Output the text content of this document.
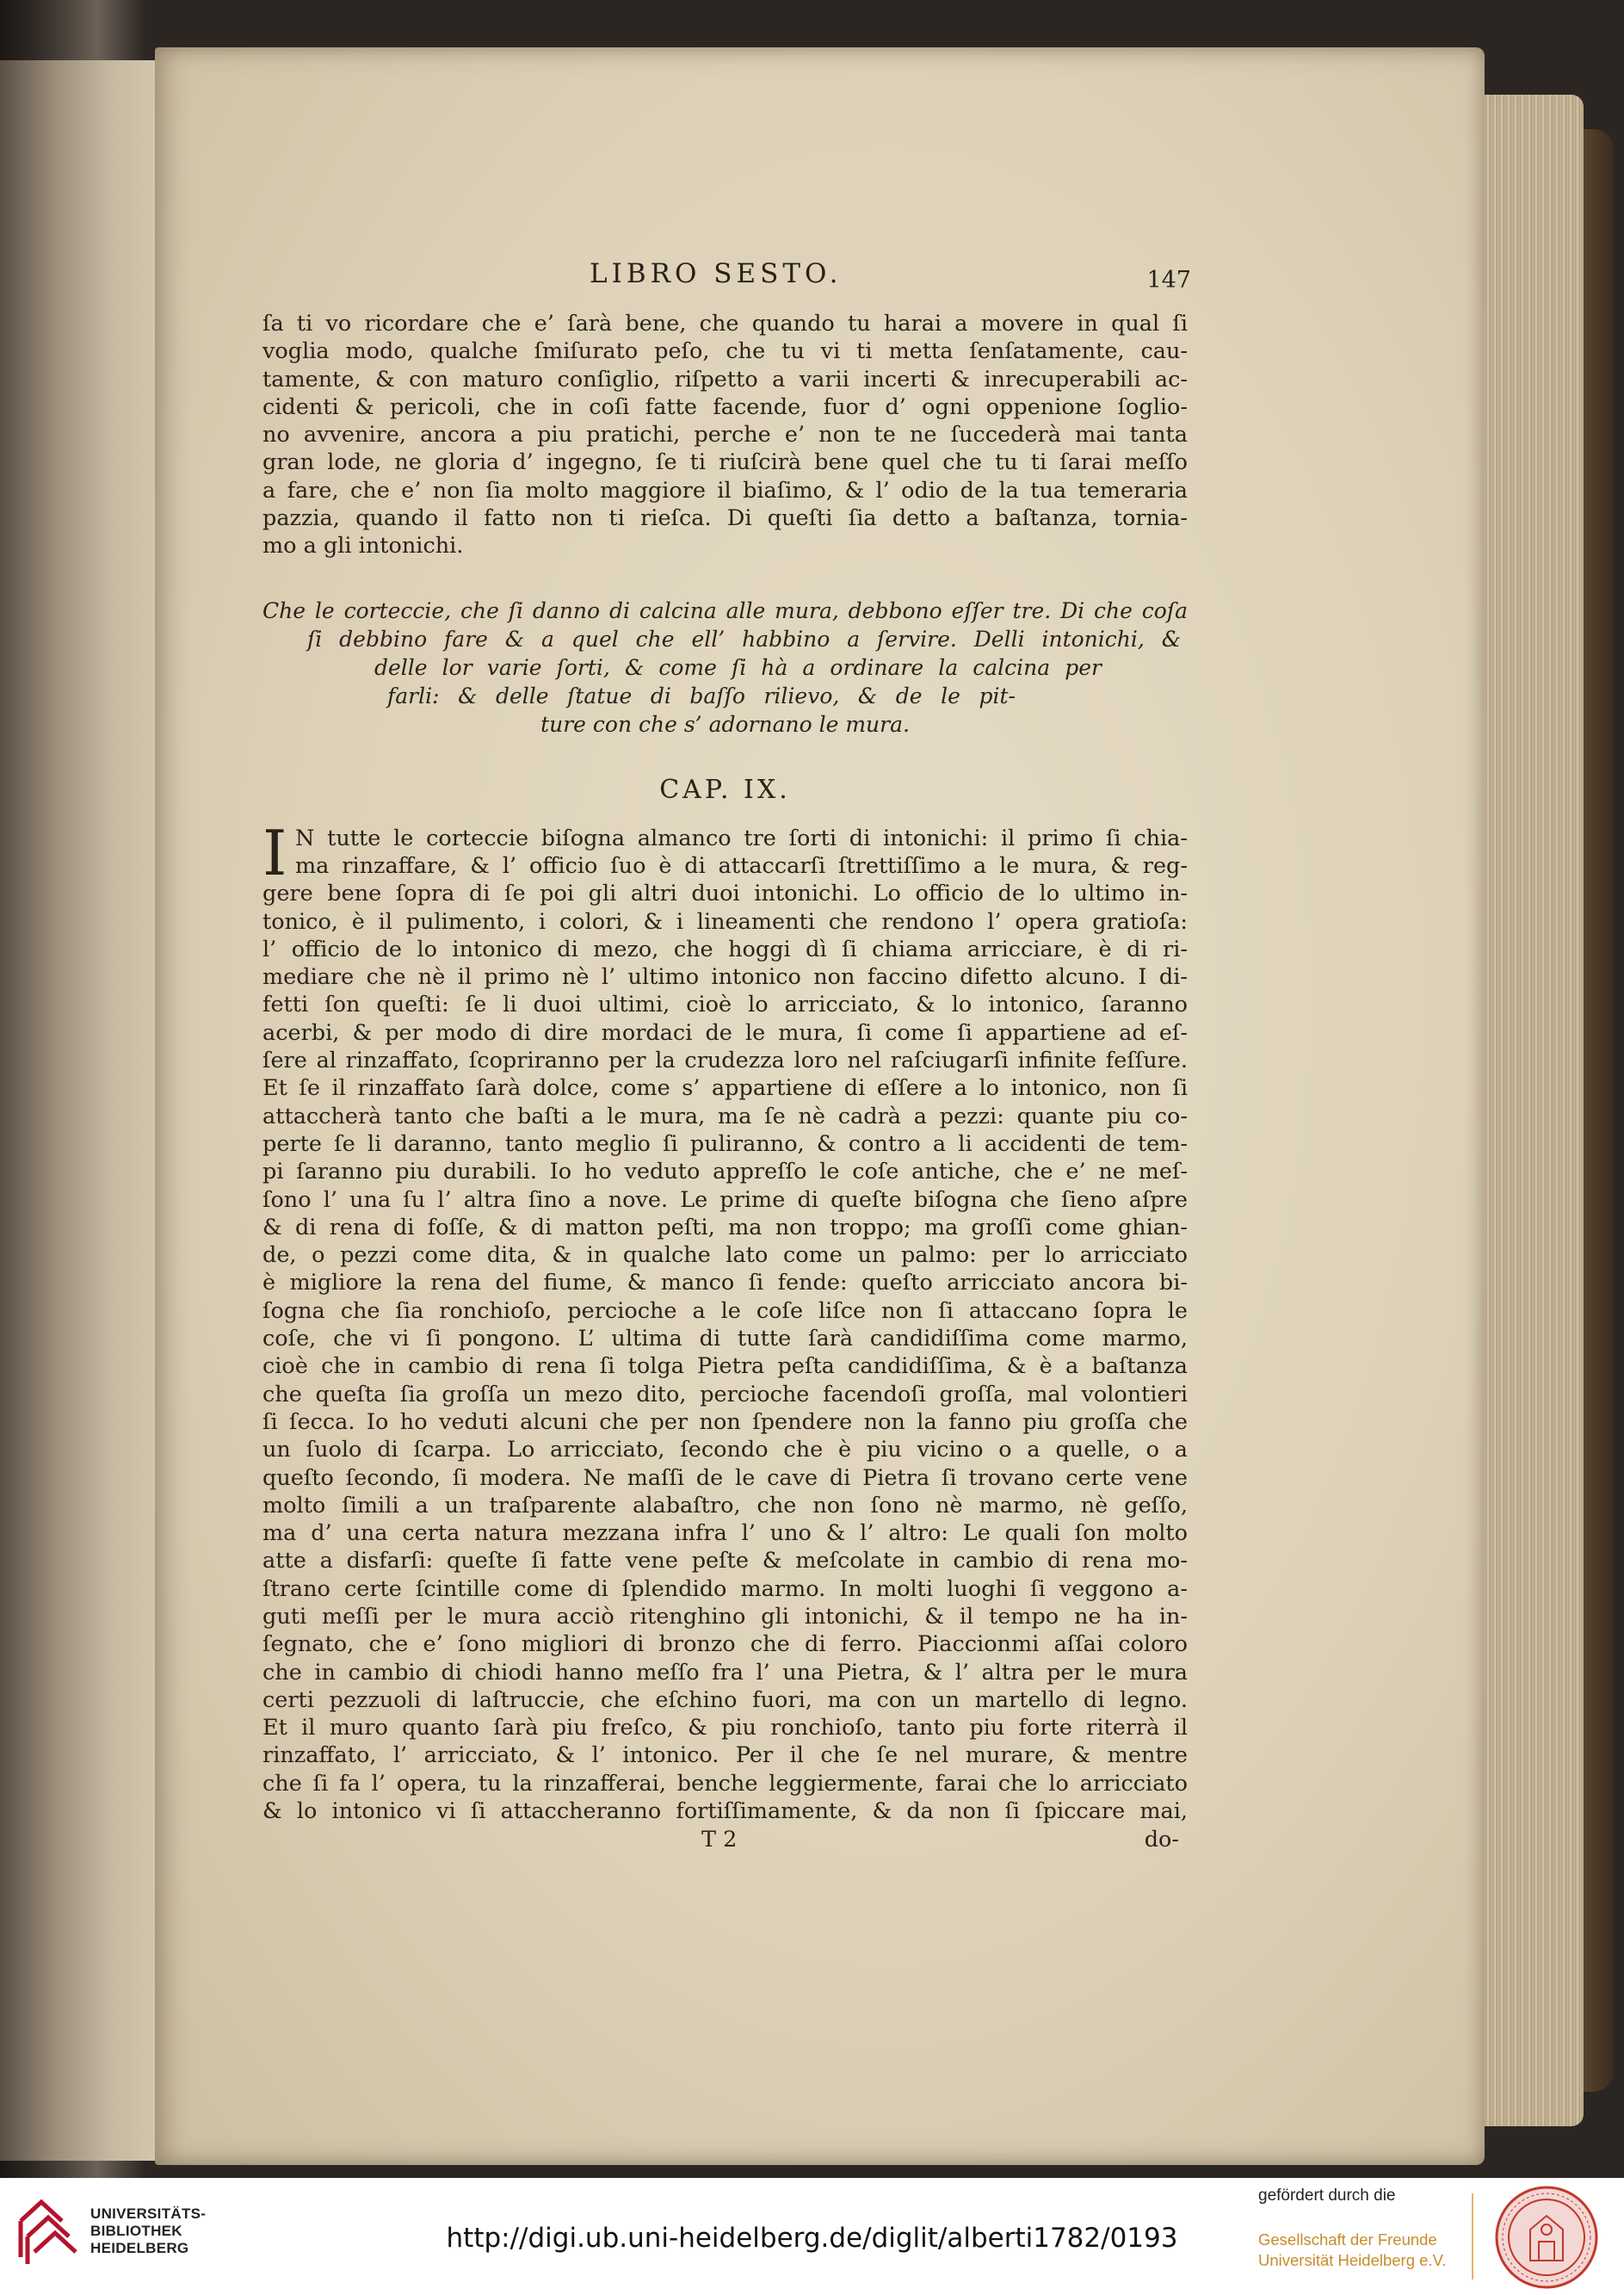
LIBRO SESTO.	147
ſa ti vo ricordare che e’ ſarà bene, che quando tu harai a movere in qual ſi
voglia modo, qualche ſmiſurato peſo, che tu vi ti metta ſenſatamente, cau-
tamente, & con maturo conſiglio, riſpetto a varii incerti & inrecuperabili ac-
cidenti & pericoli, che in coſi fatte facende, fuor d’ ogni oppenione ſoglio-
no avvenire, ancora a piu pratichi, perche e’ non te ne ſuccederà mai tanta
gran lode, ne gloria d’ ingegno, ſe ti riuſcirà bene quel che tu ti ſarai meſſo
a fare, che e’ non ſia molto maggiore il biaſimo, & l’ odio de la tua temeraria
pazzia, quando il fatto non ti rieſca. Di queſti ſia detto a baſtanza, tornia-
mo a gli intonichi.
Che le corteccie, che ſi danno di calcina alle mura, debbono eſſer tre. Di che coſa
ſi debbino fare & a quel che ell’ habbino a ſervire. Delli intonichi, &
delle lor varie ſorti, & come ſi hà a ordinare la calcina per
farli: & delle ſtatue di baſſo rilievo, & de le pit-
ture con che s’ adornano le mura.
CAP. IX.
I N tutte le corteccie biſogna almanco tre ſorti di intonichi: il primo ſi chia-
ma rinzaffare, & l’ officio ſuo è di attaccarſi ſtrettiſſimo a le mura, & reg-
gere bene ſopra di ſe poi gli altri duoi intonichi. Lo officio de lo ultimo in-
tonico, è il pulimento, i colori, & i lineamenti che rendono l’ opera gratioſa:
l’ officio de lo intonico di mezo, che hoggi dì ſi chiama arricciare, è di ri-
mediare che nè il primo nè l’ ultimo intonico non faccino difetto alcuno. I di-
fetti ſon queſti: ſe li duoi ultimi, cioè lo arricciato, & lo intonico, ſaranno
acerbi, & per modo di dire mordaci de le mura, ſi come ſi appartiene ad eſ-
ſere al rinzaffato, ſcopriranno per la crudezza loro nel raſciugarſi infinite feſſure.
Et ſe il rinzaffato ſarà dolce, come s’ appartiene di eſſere a lo intonico, non ſi
attaccherà tanto che baſti a le mura, ma ſe nè cadrà a pezzi: quante piu co-
perte ſe li daranno, tanto meglio ſi puliranno, & contro a li accidenti de tem-
pi ſaranno piu durabili. Io ho veduto appreſſo le coſe antiche, che e’ ne meſ-
ſono l’ una ſu l’ altra ſino a nove. Le prime di queſte biſogna che ſieno aſpre
& di rena di foſſe, & di matton peſti, ma non troppo; ma groſſi come ghian-
de, o pezzi come dita, & in qualche lato come un palmo: per lo arricciato
è migliore la rena del fiume, & manco ſi fende: queſto arricciato ancora bi-
ſogna che ſia ronchioſo, percioche a le coſe liſce non ſi attaccano ſopra le
coſe, che vi ſi pongono. L’ ultima di tutte ſarà candidiſſima come marmo,
cioè che in cambio di rena ſi tolga Pietra peſta candidiſſima, & è a baſtanza
che queſta ſia groſſa un mezo dito, percioche facendoſi groſſa, mal volontieri
ſi ſecca. Io ho veduti alcuni che per non ſpendere non la fanno piu groſſa che
un ſuolo di ſcarpa. Lo arricciato, ſecondo che è piu vicino o a quelle, o a
queſto ſecondo, ſi modera. Ne maſſi de le cave di Pietra ſi trovano certe vene
molto ſimili a un traſparente alabaſtro, che non ſono nè marmo, nè geſſo,
ma d’ una certa natura mezzana infra l’ uno & l’ altro: Le quali ſon molto
atte a disfarſi: queſte ſi fatte vene peſte & meſcolate in cambio di rena mo-
ſtrano certe ſcintille come di ſplendido marmo. In molti luoghi ſi veggono a-
guti meſſi per le mura acciò ritenghino gli intonichi, & il tempo ne ha in-
ſegnato, che e’ ſono migliori di bronzo che di ferro. Piaccionmi aſſai coloro
che in cambio di chiodi hanno meſſo fra l’ una Pietra, & l’ altra per le mura
certi pezzuoli di laſtruccie, che eſchino fuori, ma con un martello di legno.
Et il muro quanto ſarà piu freſco, & piu ronchioſo, tanto piu forte riterrà il
rinzaffato, l’ arricciato, & l’ intonico. Per il che ſe nel murare, & mentre
che ſi fa l’ opera, tu la rinzafferai, benche leggiermente, farai che lo arricciato
& lo intonico vi ſi attaccheranno fortiſſimamente, & da non ſi ſpiccare mai,
T 2	do-
UNIVERSITÄTS-
BIBLIOTHEK
HEIDELBERG	http://digi.ub.uni-heidelberg.de/diglit/alberti1782/0193
gefördert durch die
Gesellschaft der Freunde
Universität Heidelberg e.V.
